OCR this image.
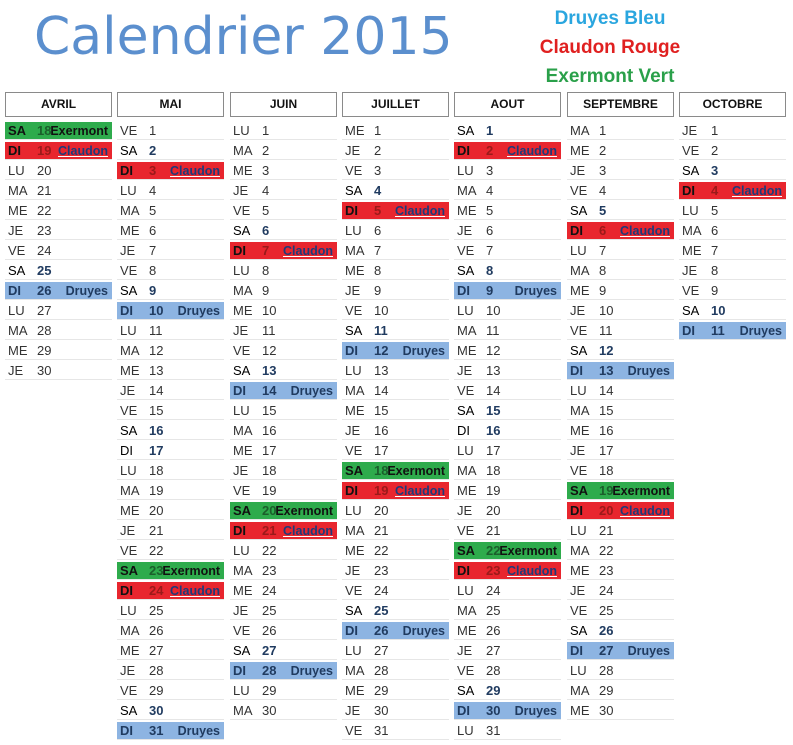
Calendrier 2015	Druyes Bleu
Claudon Rouge
Exermont Vert
AVRIL
SA 18
Exermont
DI 19 Claudon
LU 20
MA 21
ME 22
JE 23
VE 24
SA 25
DI 26 Druyes
LU 27
MA 28
ME 29
JE 30
MAI
VE 1
SA 2
DI 3 Claudon
LU 4
MA 5
ME 6
JE 7
VE 8
SA 9
DI 10 Druyes
LU 11
MA 12
ME 13
JE 14
VE 15
SA 16
DI 17
LU 18
MA 19
ME 20
JE 21
VE 22
SA 23
Exermont
DI 24 Claudon
LU 25
MA 26
ME 27
JE 28
VE 29
SA 30
DI 31 Druyes
JUIN
LU 1
MA 2
ME 3
JE 4
VE 5
SA 6
DI 7 Claudon
LU 8
MA 9
ME 10
JE 11
VE 12
SA 13
DI 14 Druyes
LU 15
MA 16
ME 17
JE 18
VE 19
SA 20
Exermont
DI 21 Claudon
LU 22
MA 23
ME 24
JE 25
VE 26
SA 27
DI 28 Druyes
LU 29
MA 30
JUILLET
ME 1
JE 2
VE 3
SA 4
DI 5 Claudon
LU 6
MA 7
ME 8
JE 9
VE 10
SA 11
DI 12 Druyes
LU 13
MA 14
ME 15
JE 16
VE 17
SA 18
Exermont
DI 19 Claudon
LU 20
MA 21
ME 22
JE 23
VE 24
SA 25
DI 26 Druyes
LU 27
MA 28
ME 29
JE 30
VE 31
AOUT
SA 1
DI 2 Claudon
LU 3
MA 4
ME 5
JE 6
VE 7
SA 8
DI 9 Druyes
LU 10
MA 11
ME 12
JE 13
VE 14
SA 15
DI 16
LU 17
MA 18
ME 19
JE 20
VE 21
SA 22
Exermont
DI 23 Claudon
LU 24
MA 25
ME 26
JE 27
VE 28
SA 29
DI 30 Druyes
LU 31
SEPTEMBRE
MA 1
ME 2
JE 3
VE 4
SA 5
DI 6 Claudon
LU 7
MA 8
ME 9
JE 10
VE 11
SA 12
DI 13 Druyes
LU 14
MA 15
ME 16
JE 17
VE 18
SA 19
Exermont
DI 20 Claudon
LU 21
MA 22
ME 23
JE 24
VE 25
SA 26
DI 27 Druyes
LU 28
MA 29
ME 30
OCTOBRE
JE 1
VE 2
SA 3
DI 4 Claudon
LU 5
MA 6
ME 7
JE 8
VE 9
SA 10
DI 11 Druyes
